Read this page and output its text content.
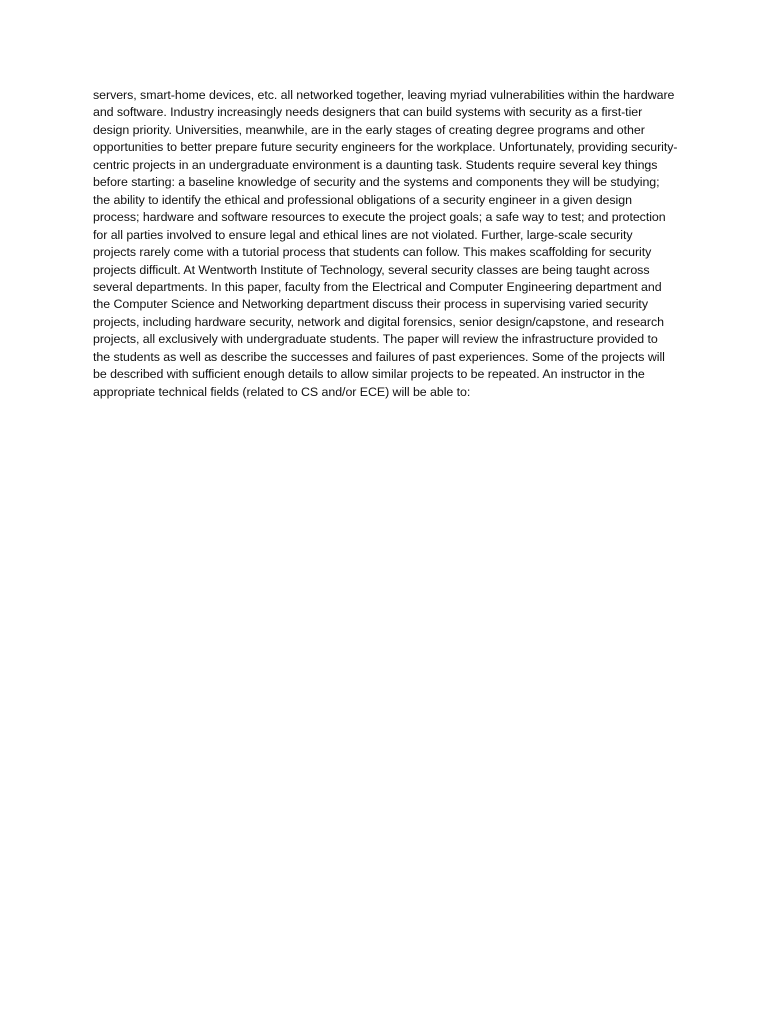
servers, smart-home devices, etc. all networked together, leaving myriad vulnerabilities within the hardware and software. Industry increasingly needs designers that can build systems with security as a first-tier design priority. Universities, meanwhile, are in the early stages of creating degree programs and other opportunities to better prepare future security engineers for the workplace. Unfortunately, providing security-centric projects in an undergraduate environment is a daunting task. Students require several key things before starting: a baseline knowledge of security and the systems and components they will be studying; the ability to identify the ethical and professional obligations of a security engineer in a given design process; hardware and software resources to execute the project goals; a safe way to test; and protection for all parties involved to ensure legal and ethical lines are not violated. Further, large-scale security projects rarely come with a tutorial process that students can follow. This makes scaffolding for security projects difficult. At Wentworth Institute of Technology, several security classes are being taught across several departments. In this paper, faculty from the Electrical and Computer Engineering department and the Computer Science and Networking department discuss their process in supervising varied security projects, including hardware security, network and digital forensics, senior design/capstone, and research projects, all exclusively with undergraduate students. The paper will review the infrastructure provided to the students as well as describe the successes and failures of past experiences. Some of the projects will be described with sufficient enough details to allow similar projects to be repeated. An instructor in the appropriate technical fields (related to CS and/or ECE) will be able to:
